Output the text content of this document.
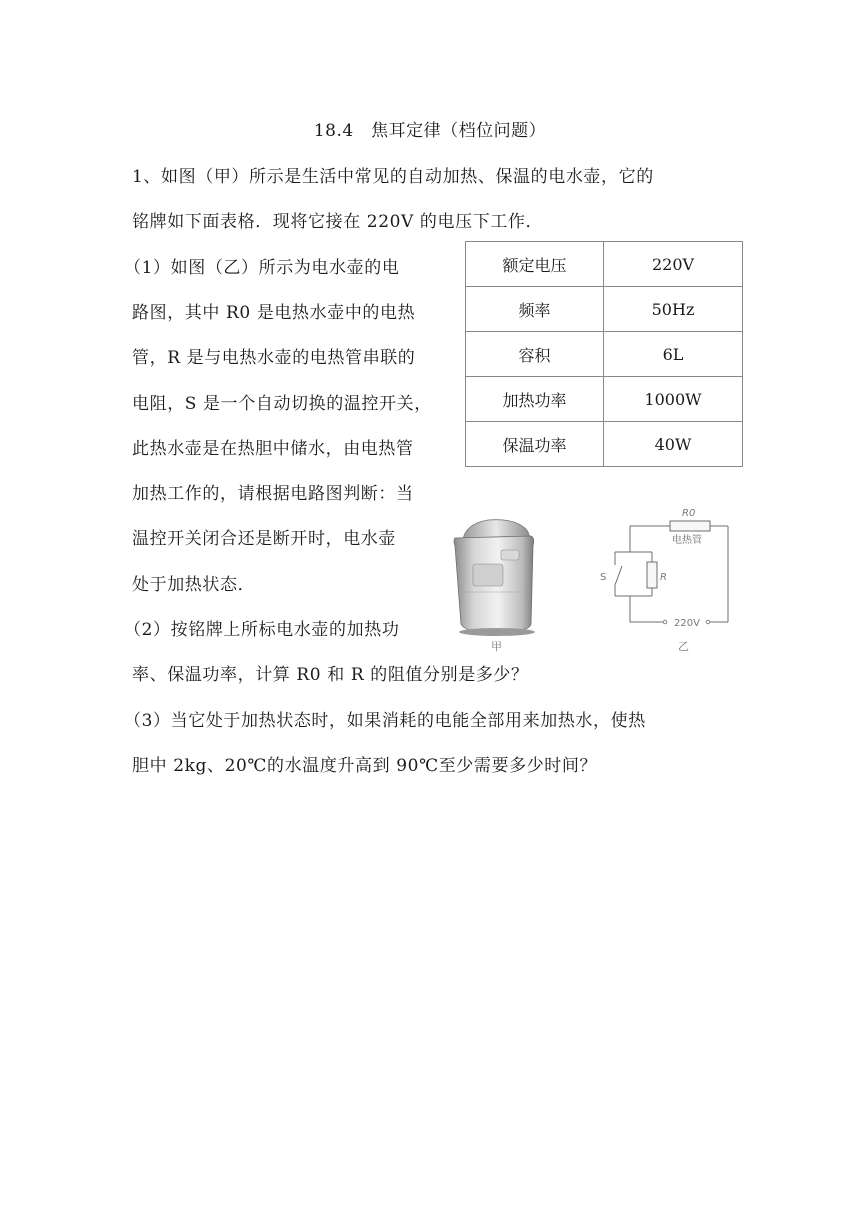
18.4　焦耳定律（档位问题）
1、如图（甲）所示是生活中常见的自动加热、保温的电水壶，它的
铭牌如下面表格．现将它接在 220V 的电压下工作．
（1）如图（乙）所示为电水壶的电
路图，其中 R0 是电热水壶中的电热
管，R 是与电热水壶的电热管串联的
电阻，S 是一个自动切换的温控开关，
此热水壶是在热胆中储水，由电热管
加热工作的，请根据电路图判断：当
温控开关闭合还是断开时，电水壶
处于加热状态．
（2）按铭牌上所标电水壶的加热功
率、保温功率，计算 R0 和 R 的阻值分别是多少？
（3）当它处于加热状态时，如果消耗的电能全部用来加热水，使热
胆中 2kg、20℃的水温度升高到 90℃至少需要多少时间？
额定电压	220V
频率	50Hz
容积	6L
加热功率	1000W
保温功率	40W
甲
R0
电热管
S	R
220V
乙
